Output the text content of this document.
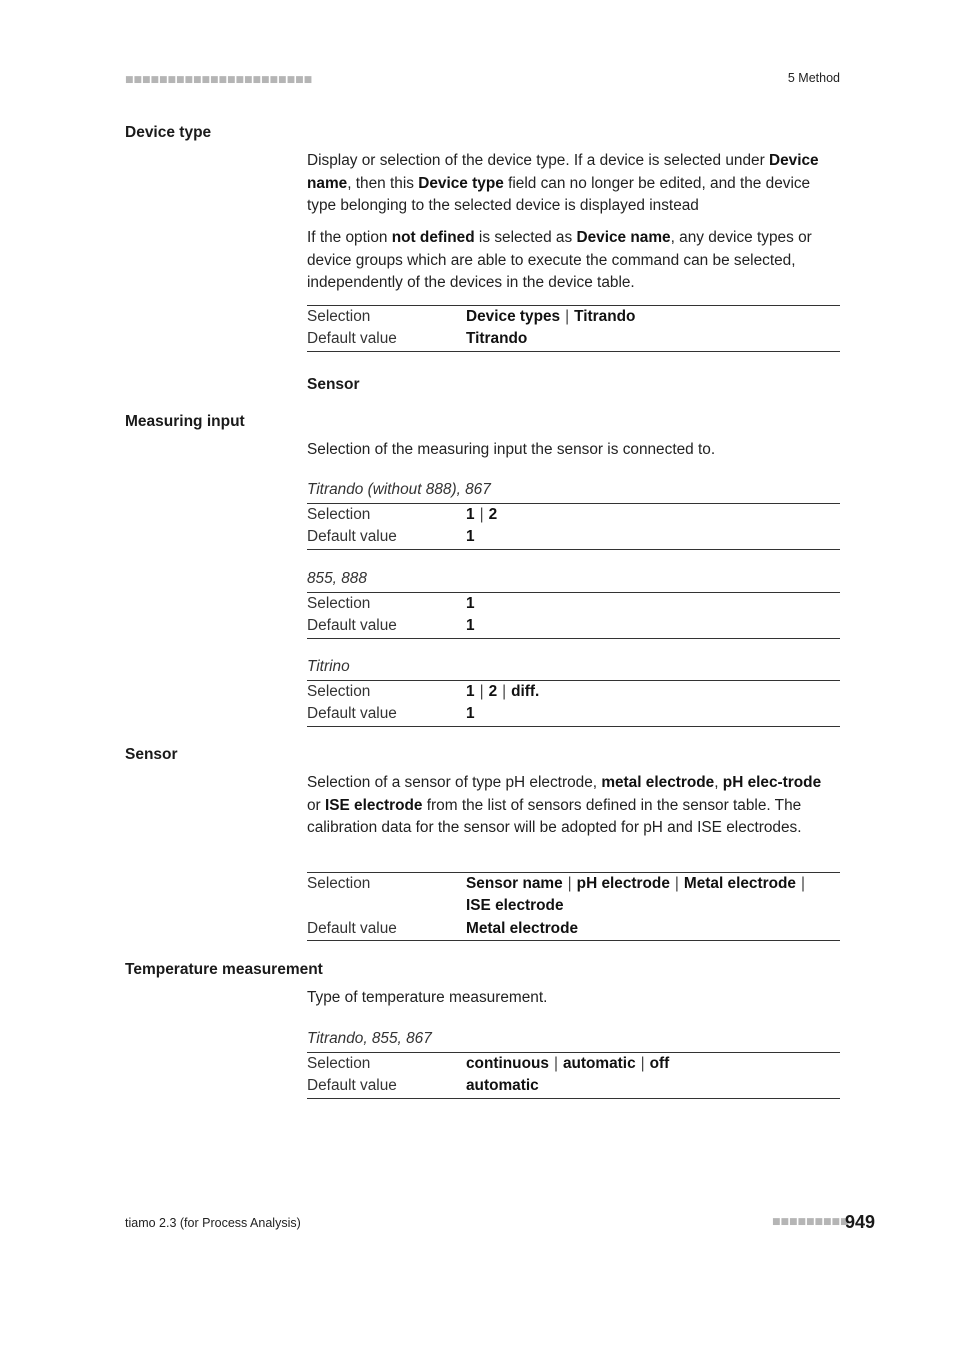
■■■■■■■■■■■■■■■■■■■■■■	5 Method
Device type
Display or selection of the device type. If a device is selected under Device name, then this Device type field can no longer be edited, and the device type belonging to the selected device is displayed instead
If the option not defined is selected as Device name, any device types or device groups which are able to execute the command can be selected, independently of the devices in the device table.
Selection	Device types | Titrando
Default value	Titrando
Sensor
Measuring input
Selection of the measuring input the sensor is connected to.
Titrando (without 888), 867
Selection	1 | 2
Default value	1
855, 888
Selection	1
Default value	1
Titrino
Selection	1 | 2 | diff.
Default value	1
Sensor
Selection of a sensor of type pH electrode, metal electrode, pH elec-trode or ISE electrode from the list of sensors defined in the sensor table. The calibration data for the sensor will be adopted for pH and ISE electrodes.
Selection	Sensor name | pH electrode | Metal electrode |
ISE electrode
Default value	Metal electrode
Temperature measurement
Type of temperature measurement.
Titrando, 855, 867
Selection	continuous | automatic | off
Default value	automatic
tiamo 2.3 (for Process Analysis)	■■■■■■■■■
949
